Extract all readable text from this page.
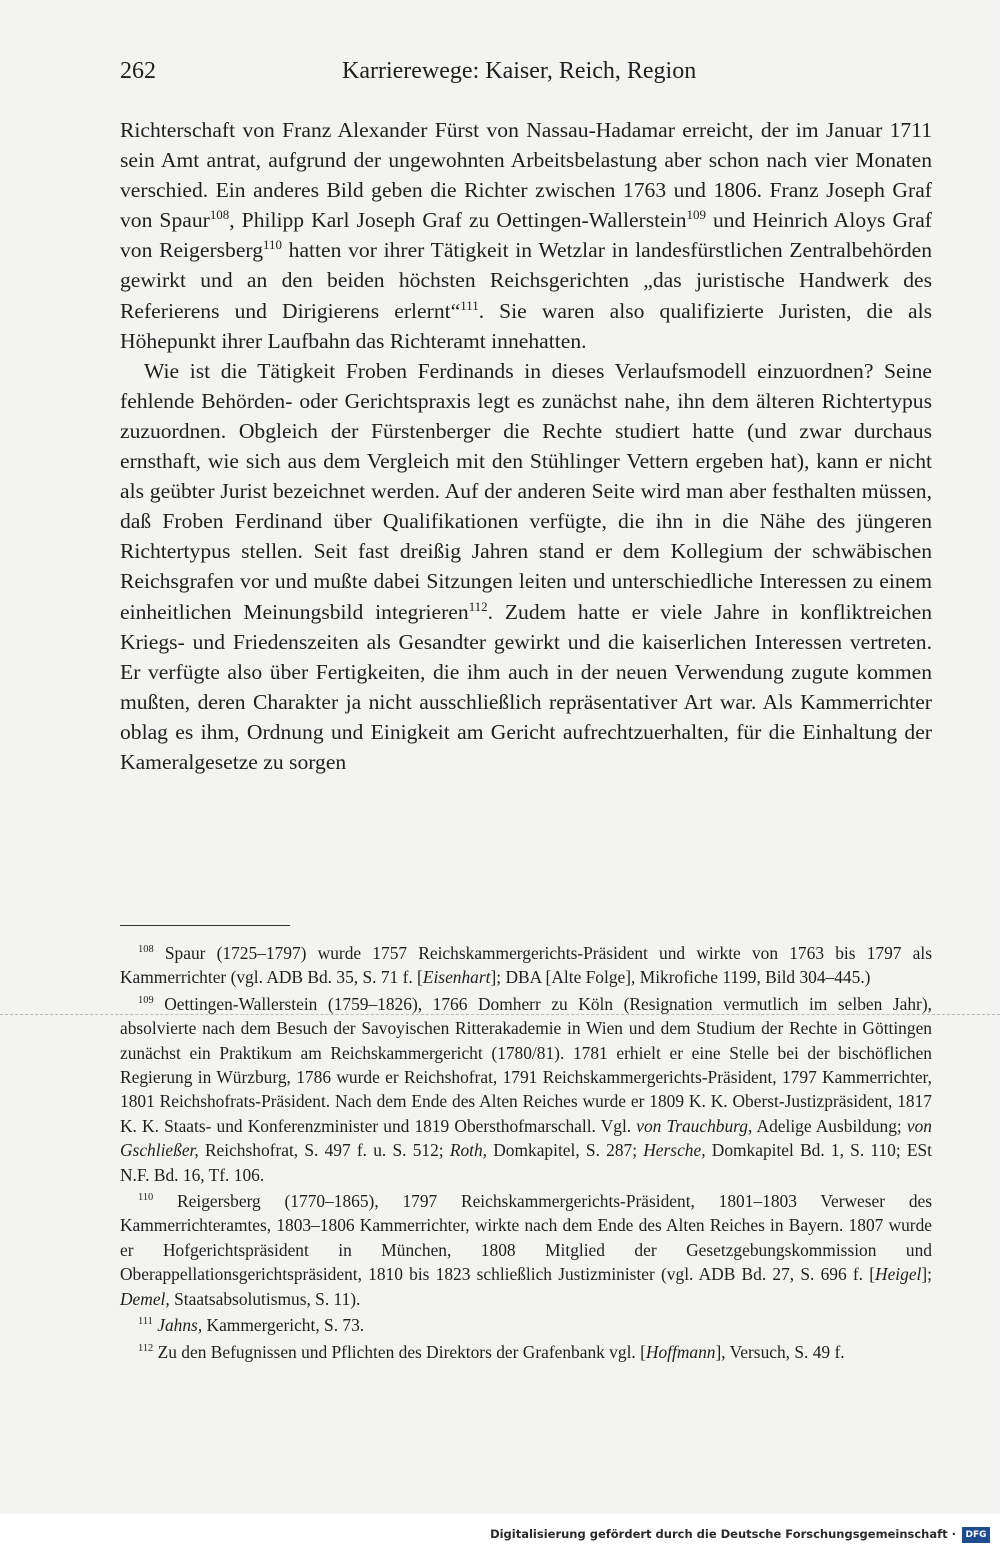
262	Karrierewege: Kaiser, Reich, Region

Richterschaft von Franz Alexander Fürst von Nassau-Hadamar erreicht, der im Januar 1711 sein Amt antrat, aufgrund der ungewohnten Arbeitsbelastung aber schon nach vier Monaten verschied. Ein anderes Bild geben die Richter zwischen 1763 und 1806. Franz Joseph Graf von Spaur$^{108}$, Philipp Karl Joseph Graf zu Oettingen-Wallerstein$^{109}$ und Heinrich Aloys Graf von Reigersberg$^{110}$ hatten vor ihrer Tätigkeit in Wetzlar in landesfürstlichen Zentralbehörden gewirkt und an den beiden höchsten Reichsgerichten „das juristische Handwerk des Referierens und Dirigierens erlernt“$^{111}$. Sie waren also qualifizierte Juristen, die als Höhepunkt ihrer Laufbahn das Richteramt innehatten.

Wie ist die Tätigkeit Froben Ferdinands in dieses Verlaufsmodell einzuordnen? Seine fehlende Behörden- oder Gerichtspraxis legt es zunächst nahe, ihn dem älteren Richtertypus zuzuordnen. Obgleich der Fürstenberger die Rechte studiert hatte (und zwar durchaus ernsthaft, wie sich aus dem Vergleich mit den Stühlinger Vettern ergeben hat), kann er nicht als geübter Jurist bezeichnet werden. Auf der anderen Seite wird man aber festhalten müssen, daß Froben Ferdinand über Qualifikationen verfügte, die ihn in die Nähe des jüngeren Richtertypus stellen. Seit fast dreißig Jahren stand er dem Kollegium der schwäbischen Reichsgrafen vor und mußte dabei Sitzungen leiten und unterschiedliche Interessen zu einem einheitlichen Meinungsbild integrieren$^{112}$. Zudem hatte er viele Jahre in konfliktreichen Kriegs- und Friedenszeiten als Gesandter gewirkt und die kaiserlichen Interessen vertreten. Er verfügte also über Fertigkeiten, die ihm auch in der neuen Verwendung zugute kommen mußten, deren Charakter ja nicht ausschließlich repräsentativer Art war. Als Kammerrichter oblag es ihm, Ordnung und Einigkeit am Gericht aufrechtzuerhalten, für die Einhaltung der Kameralgesetze zu sorgen

$^{108}$ Spaur (1725–1797) wurde 1757 Reichskammergerichts-Präsident und wirkte von 1763 bis 1797 als Kammerrichter (vgl. ADB Bd. 35, S. 71 f. [Eisenhart]; DBA [Alte Folge], Mikrofiche 1199, Bild 304–445.)

$^{109}$ Oettingen-Wallerstein (1759–1826), 1766 Domherr zu Köln (Resignation vermutlich im selben Jahr), absolvierte nach dem Besuch der Savoyischen Ritterakademie in Wien und dem Studium der Rechte in Göttingen zunächst ein Praktikum am Reichskammergericht (1780/81). 1781 erhielt er eine Stelle bei der bischöflichen Regierung in Würzburg, 1786 wurde er Reichshofrat, 1791 Reichskammergerichts-Präsident, 1797 Kammerrichter, 1801 Reichshofrats-Präsident. Nach dem Ende des Alten Reiches wurde er 1809 K. K. Oberst-Justizpräsident, 1817 K. K. Staats- und Konferenzminister und 1819 Obersthofmarschall. Vgl. von Trauchburg, Adelige Ausbildung; von Gschließer, Reichshofrat, S. 497 f. u. S. 512; Roth, Domkapitel, S. 287; Hersche, Domkapitel Bd. 1, S. 110; ESt N.F. Bd. 16, Tf. 106.

$^{110}$ Reigersberg (1770–1865), 1797 Reichskammergerichts-Präsident, 1801–1803 Verweser des Kammerrichteramtes, 1803–1806 Kammerrichter, wirkte nach dem Ende des Alten Reiches in Bayern. 1807 wurde er Hofgerichtspräsident in München, 1808 Mitglied der Gesetzgebungskommission und Oberappellationsgerichtspräsident, 1810 bis 1823 schließlich Justizminister (vgl. ADB Bd. 27, S. 696 f. [Heigel]; Demel, Staatsabsolutismus, S. 11).

$^{111}$ Jahns, Kammergericht, S. 73.

$^{112}$ Zu den Befugnissen und Pflichten des Direktors der Grafenbank vgl. [Hoffmann], Versuch, S. 49 f.

Digitalisierung gefördert durch die Deutsche Forschungsgemeinschaft ·	DFG
